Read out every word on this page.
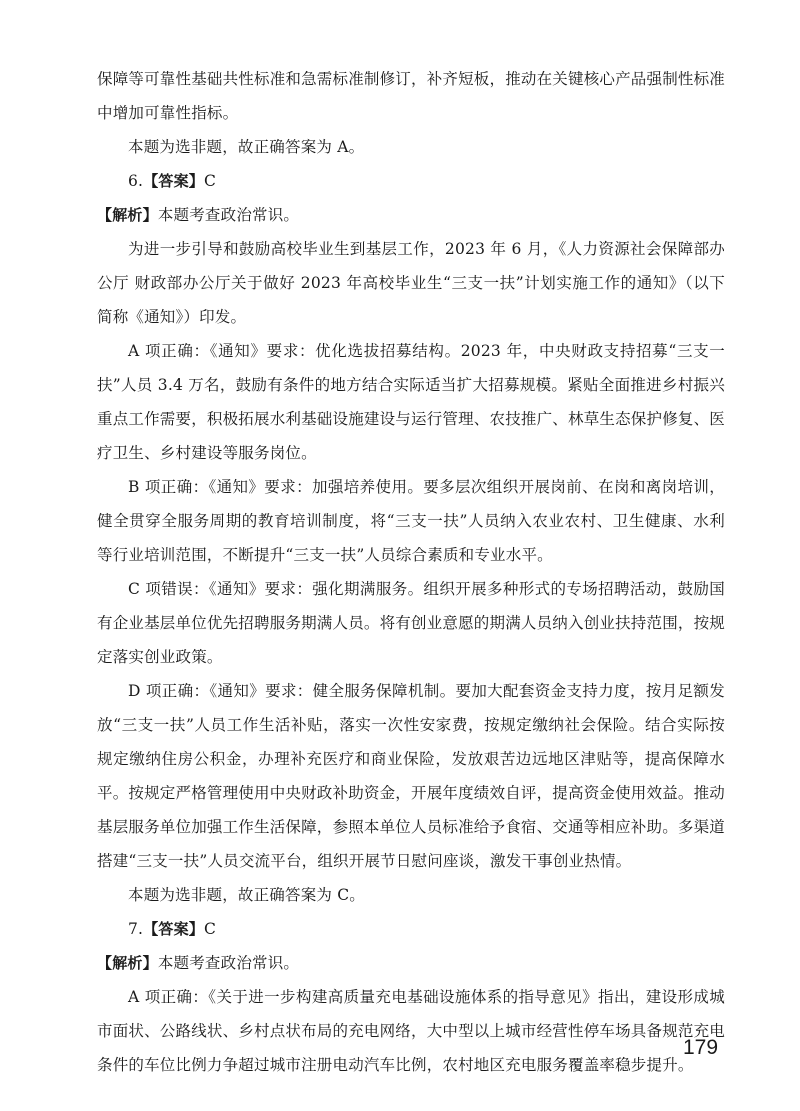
保障等可靠性基础共性标准和急需标准制修订，补齐短板，推动在关键核心产品强制性标准中增加可靠性指标。

本题为选非题，故正确答案为 A。

6.【答案】C

【解析】本题考查政治常识。

为进一步引导和鼓励高校毕业生到基层工作，2023 年 6 月，《人力资源社会保障部办公厅 财政部办公厅关于做好 2023 年高校毕业生“三支一扶”计划实施工作的通知》（以下简称《通知》）印发。

A 项正确：《通知》要求：优化选拔招募结构。2023 年，中央财政支持招募“三支一扶”人员 3.4 万名，鼓励有条件的地方结合实际适当扩大招募规模。紧贴全面推进乡村振兴重点工作需要，积极拓展水利基础设施建设与运行管理、农技推广、林草生态保护修复、医疗卫生、乡村建设等服务岗位。

B 项正确：《通知》要求：加强培养使用。要多层次组织开展岗前、在岗和离岗培训，健全贯穿全服务周期的教育培训制度，将“三支一扶”人员纳入农业农村、卫生健康、水利等行业培训范围，不断提升“三支一扶”人员综合素质和专业水平。

C 项错误：《通知》要求：强化期满服务。组织开展多种形式的专场招聘活动，鼓励国有企业基层单位优先招聘服务期满人员。将有创业意愿的期满人员纳入创业扶持范围，按规定落实创业政策。

D 项正确：《通知》要求：健全服务保障机制。要加大配套资金支持力度，按月足额发放“三支一扶”人员工作生活补贴，落实一次性安家费，按规定缴纳社会保险。结合实际按规定缴纳住房公积金，办理补充医疗和商业保险，发放艰苦边远地区津贴等，提高保障水平。按规定严格管理使用中央财政补助资金，开展年度绩效自评，提高资金使用效益。推动基层服务单位加强工作生活保障，参照本单位人员标准给予食宿、交通等相应补助。多渠道搭建“三支一扶”人员交流平台，组织开展节日慰问座谈，激发干事创业热情。

本题为选非题，故正确答案为 C。

7.【答案】C

【解析】本题考查政治常识。

A 项正确：《关于进一步构建高质量充电基础设施体系的指导意见》指出，建设形成城市面状、公路线状、乡村点状布局的充电网络，大中型以上城市经营性停车场具备规范充电条件的车位比例力争超过城市注册电动汽车比例，农村地区充电服务覆盖率稳步提升。

179
